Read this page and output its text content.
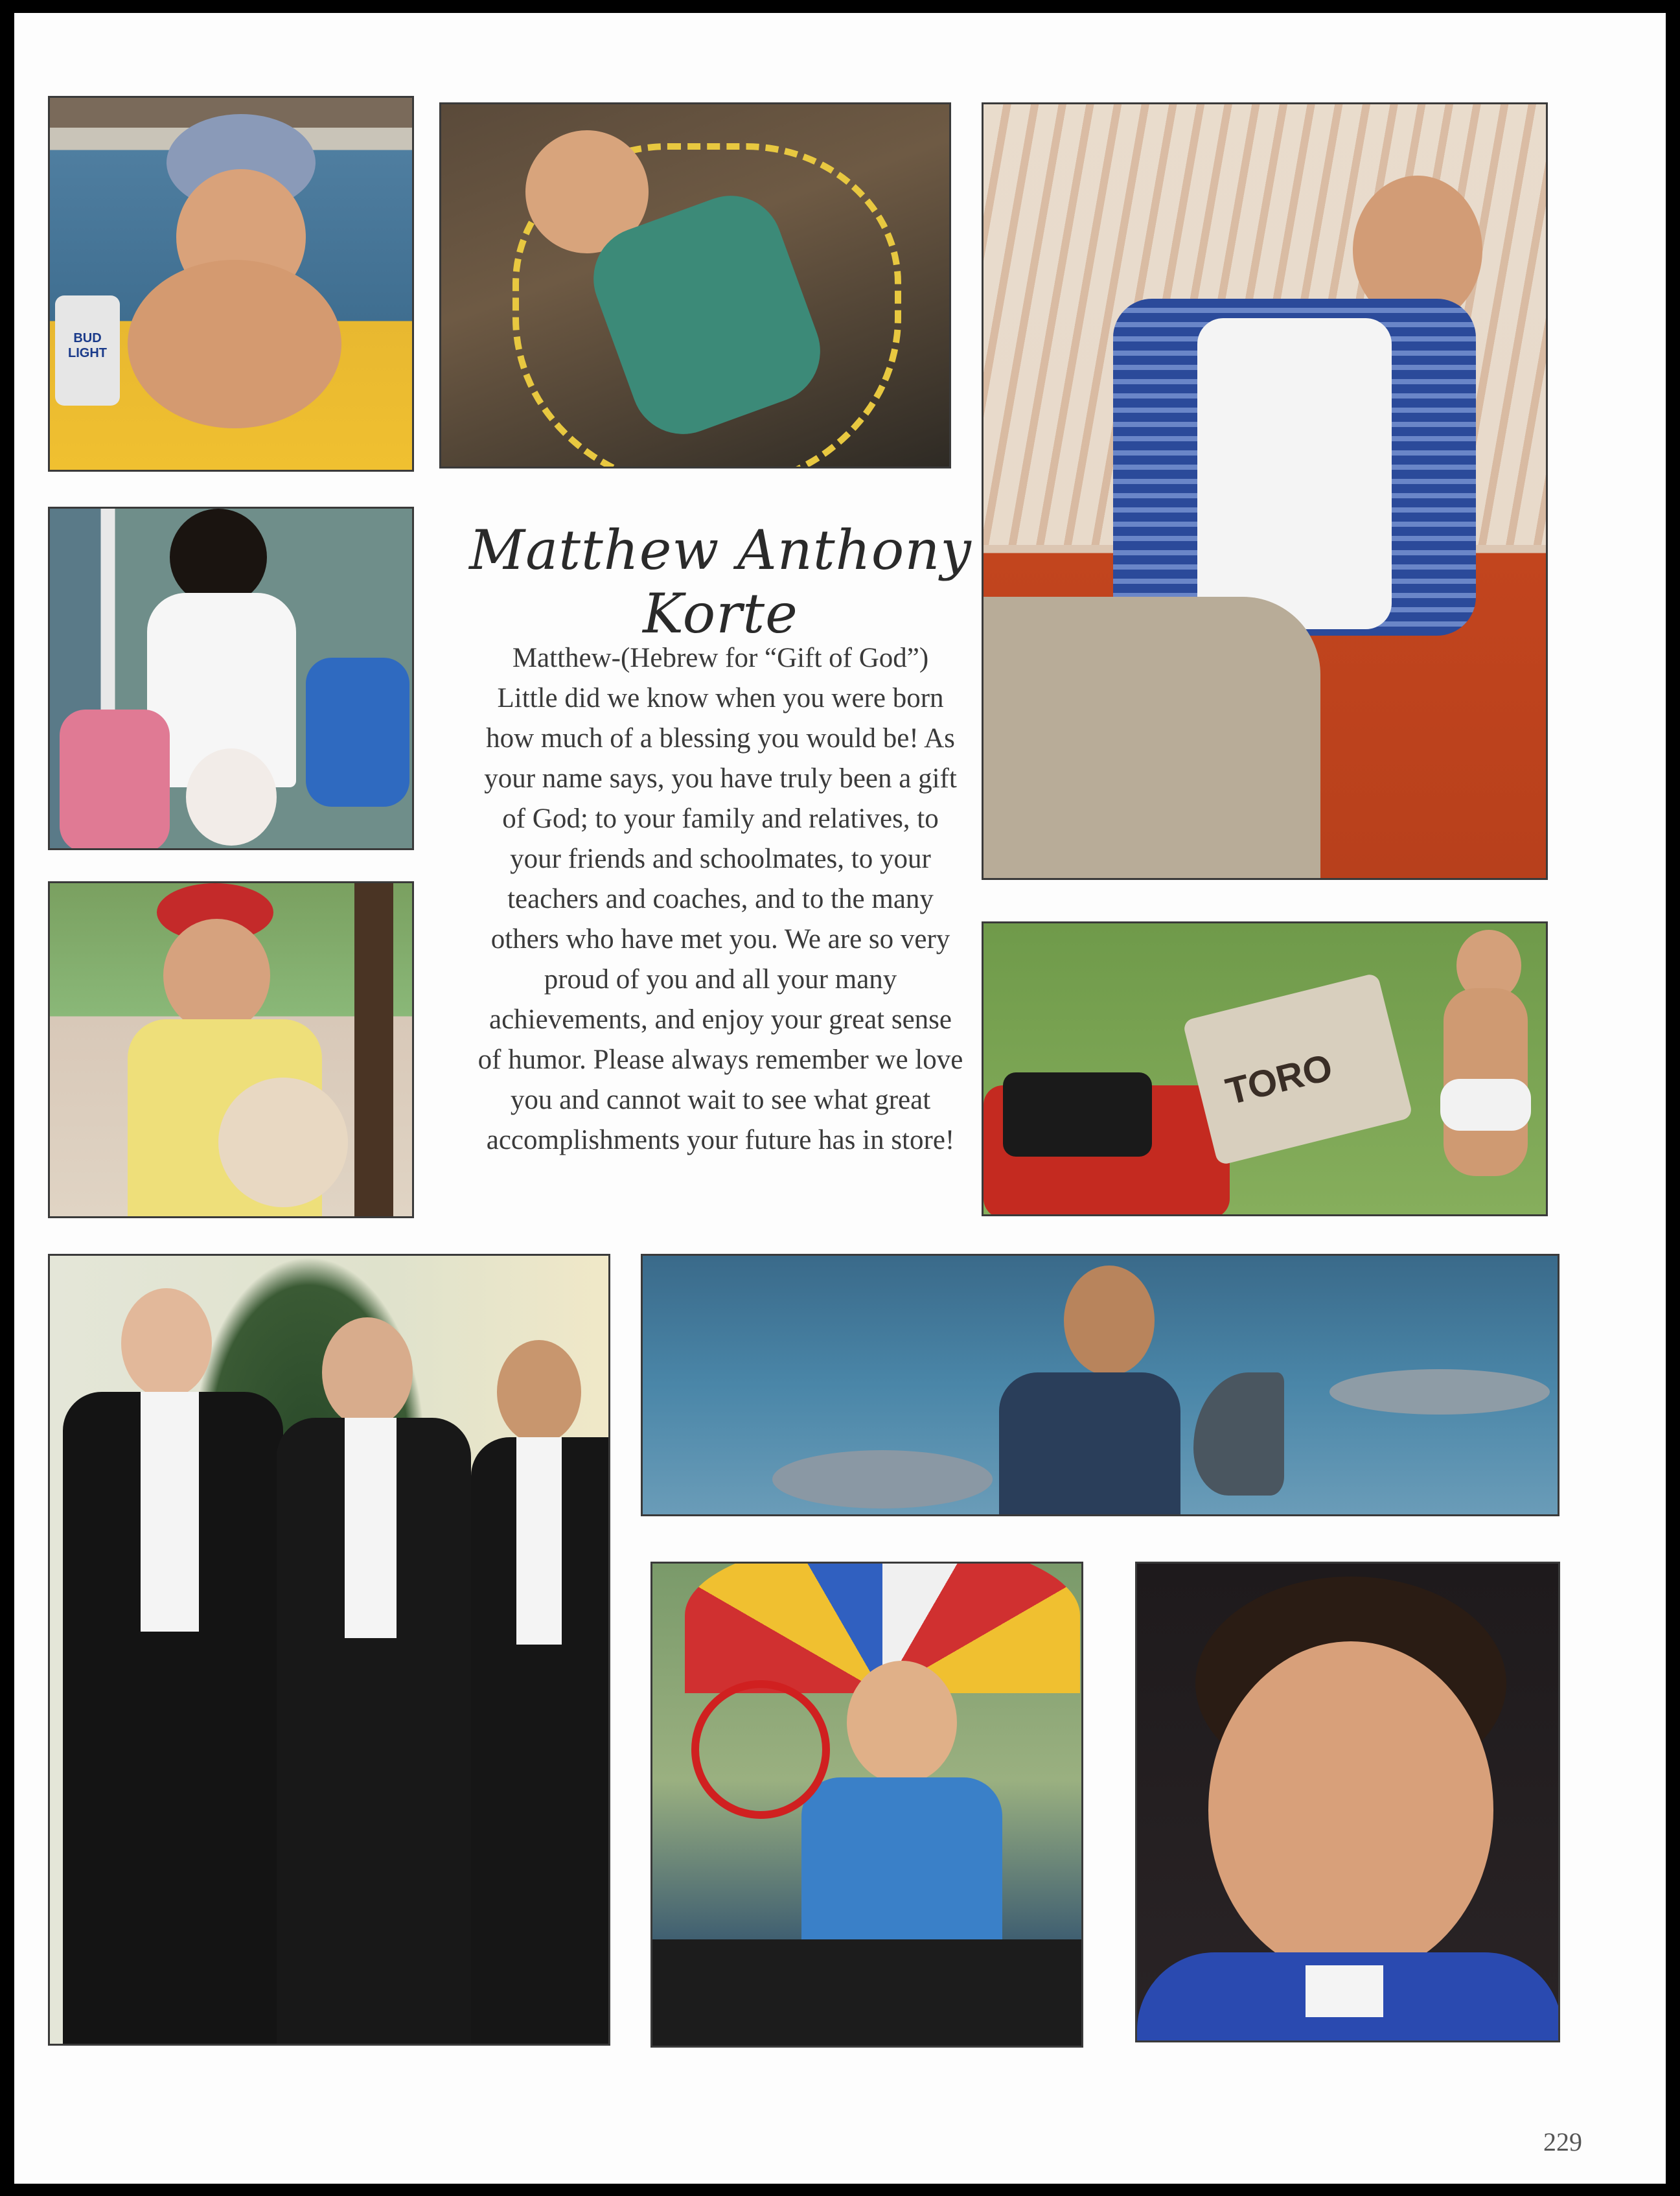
BUD LIGHT
Matthew Anthony Korte
Matthew-(Hebrew for “Gift of God”)
Little did we know when you were born
how much of a blessing you would be! As
your name says, you have truly been a gift
of God; to your family and relatives, to
your friends and schoolmates, to your
teachers and coaches, and to the many
others who have met you. We are so very
proud of you and all your many
achievements, and enjoy your great sense
of humor. Please always remember we love
you and cannot wait to see what great
accomplishments your future has in store!
TORO
229
